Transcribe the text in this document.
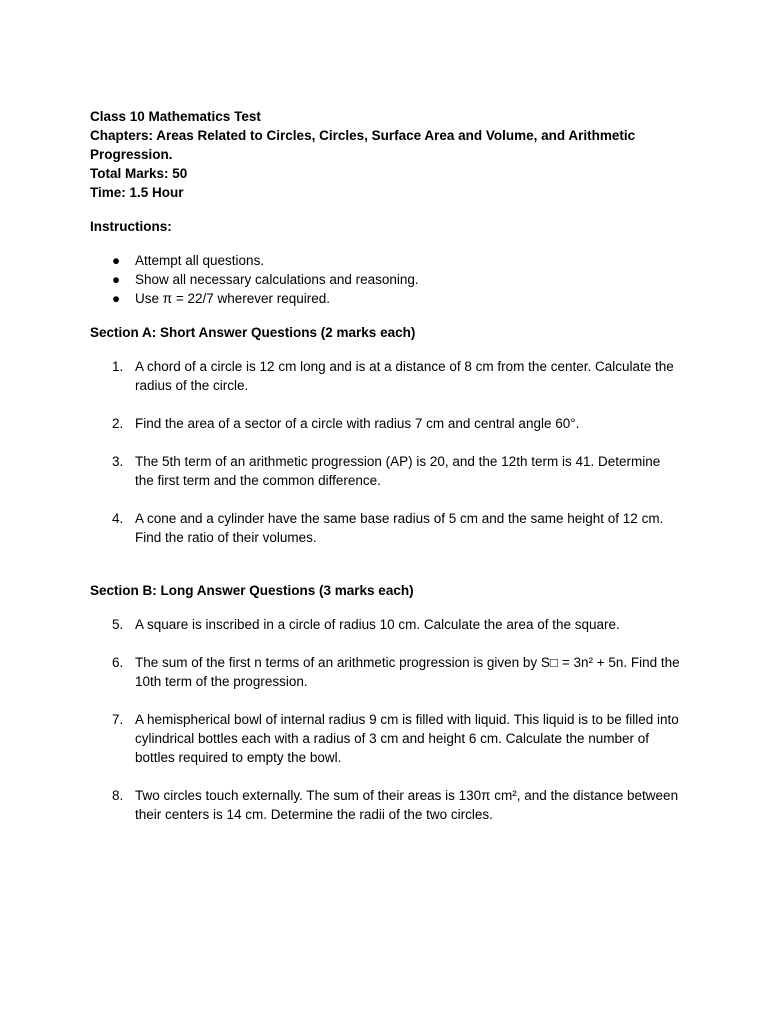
Class 10 Mathematics Test

Chapters: Areas Related to Circles, Circles, Surface Area and Volume, and Arithmetic Progression.

Total Marks: 50

Time: 1.5 Hour

Instructions:

● Attempt all questions.
● Show all necessary calculations and reasoning.
● Use π = 22/7 wherever required.

Section A: Short Answer Questions (2 marks each)

1. A chord of a circle is 12 cm long and is at a distance of 8 cm from the center. Calculate the radius of the circle.
2. Find the area of a sector of a circle with radius 7 cm and central angle 60°.
3. The 5th term of an arithmetic progression (AP) is 20, and the 12th term is 41. Determine the first term and the common difference.
4. A cone and a cylinder have the same base radius of 5 cm and the same height of 12 cm. Find the ratio of their volumes.

Section B: Long Answer Questions (3 marks each)

5. A square is inscribed in a circle of radius 10 cm. Calculate the area of the square.
6. The sum of the first n terms of an arithmetic progression is given by S□ = 3n² + 5n. Find the 10th term of the progression.
7. A hemispherical bowl of internal radius 9 cm is filled with liquid. This liquid is to be filled into cylindrical bottles each with a radius of 3 cm and height 6 cm. Calculate the number of bottles required to empty the bowl.
8. Two circles touch externally. The sum of their areas is 130π cm², and the distance between their centers is 14 cm. Determine the radii of the two circles.
